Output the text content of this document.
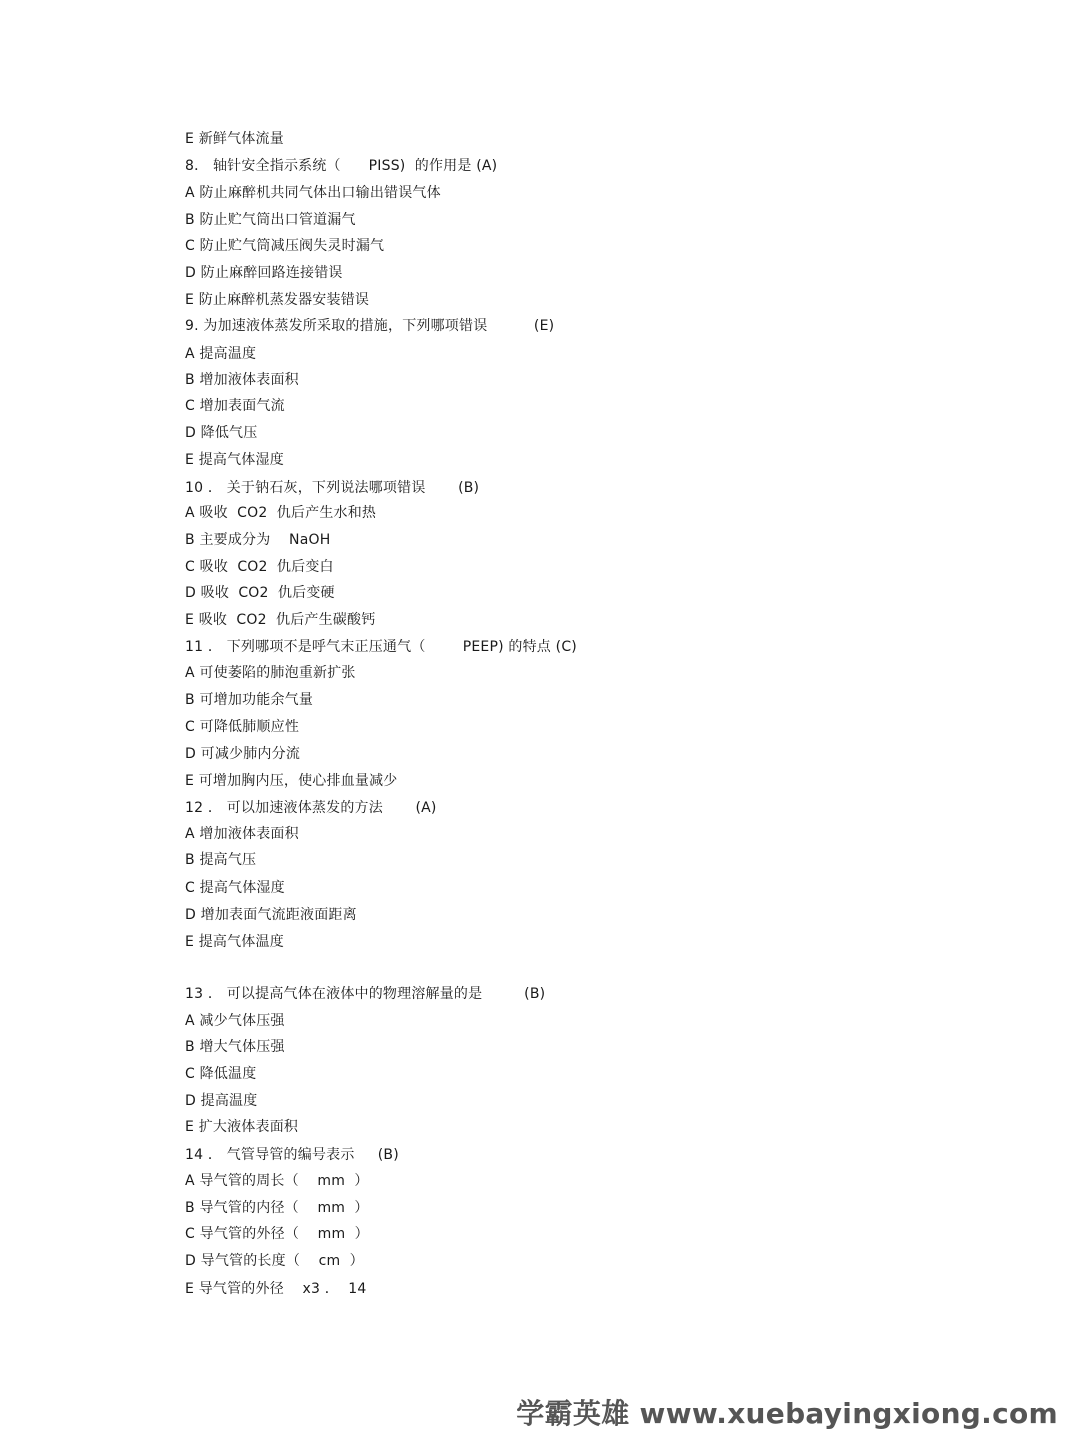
E 新鲜气体流量
8． 轴针安全指示系统（      PISS)  的作用是 (A)
A 防止麻醉机共同气体出口输出错误气体
B 防止贮气筒出口管道漏气
C 防止贮气筒减压阀失灵时漏气
D 防止麻醉回路连接错误
E 防止麻醉机蒸发器安装错误
9. 为加速液体蒸发所采取的措施，下列哪项错误          (E)
A 提高温度
B 增加液体表面积
C 增加表面气流
D 降低气压
E 提高气体湿度
10 ． 关于钠石灰，下列说法哪项错误       (B)
A 吸收  CO2  仇后产生水和热
B 主要成分为    NaOH
C 吸收  CO2  仇后变白
D 吸收  CO2  仇后变硬
E 吸收  CO2  仇后产生碳酸钙
11 ． 下列哪项不是呼气末正压通气（        PEEP) 的特点 (C)
A 可使萎陷的肺泡重新扩张
B 可增加功能余气量
C 可降低肺顺应性
D 可减少肺内分流
E 可增加胸内压，使心排血量减少
12 ． 可以加速液体蒸发的方法       (A)
A 增加液体表面积
B 提高气压
C 提高气体湿度
D 增加表面气流距液面距离
E 提高气体温度
13 ． 可以提高气体在液体中的物理溶解量的是         (B)
A 减少气体压强
B 增大气体压强
C 降低温度
D 提高温度
E 扩大液体表面积
14 ． 气管导管的编号表示     (B)
A 导气管的周长（    mm  ）
B 导气管的内径（    mm  ）
C 导气管的外径（    mm  ）
D 导气管的长度（    cm  ）
E 导气管的外径    x3 ．  14
学霸英雄 www.xuebayingxiong.com
